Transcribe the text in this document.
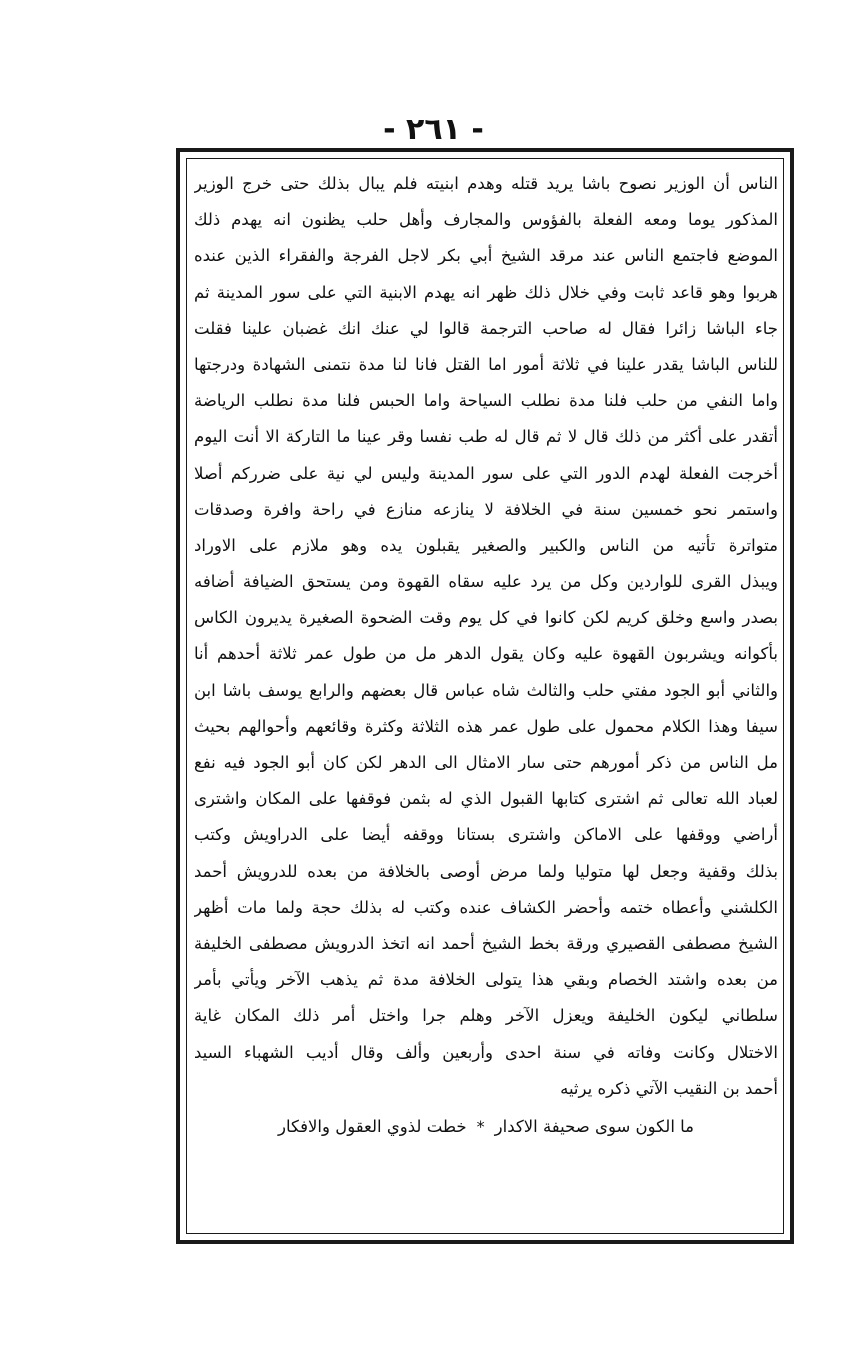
- ٢٦١ -
الناس أن الوزير نصوح باشا يريد قتله وهدم ابنيته فلم يبال بذلك حتى خرج الوزير
المذكور يوما ومعه الفعلة بالفؤوس والمجارف وأهل حلب يظنون انه يهدم ذلك
الموضع فاجتمع الناس عند مرقد الشيخ أبي بكر لاجل الفرجة والفقراء الذين عنده
هربوا وهو قاعد ثابت وفي خلال ذلك ظهر انه يهدم الابنية التي على سور المدينة ثم
جاء الباشا زائرا فقال له صاحب الترجمة قالوا لي عنك انك غضبان علينا فقلت
للناس الباشا يقدر علينا في ثلاثة أمور اما القتل فانا لنا مدة نتمنى الشهادة ودرجتها
واما النفي من حلب فلنا مدة نطلب السياحة واما الحبس فلنا مدة نطلب الرياضة
أتقدر على أكثر من ذلك قال لا ثم قال له طب نفسا وقر عينا ما التاركة الا أنت اليوم
أخرجت الفعلة لهدم الدور التي على سور المدينة وليس لي نية على ضرركم أصلا
واستمر نحو خمسين سنة في الخلافة لا ينازعه منازع في راحة وافرة وصدقات
متواترة تأتيه من الناس والكبير والصغير يقبلون يده وهو ملازم على الاوراد
ويبذل القرى للواردين وكل من يرد عليه سقاه القهوة ومن يستحق الضيافة أضافه
بصدر واسع وخلق كريم لكن كانوا في كل يوم وقت الضحوة الصغيرة يديرون الكاس
بأكوانه ويشربون القهوة عليه وكان يقول الدهر مل من طول عمر ثلاثة أحدهم أنا
والثاني أبو الجود مفتي حلب والثالث شاه عباس قال بعضهم والرابع يوسف باشا ابن
سيفا وهذا الكلام محمول على طول عمر هذه الثلاثة وكثرة وقائعهم وأحوالهم بحيث
مل الناس من ذكر أمورهم حتى سار الامثال الى الدهر لكن كان أبو الجود فيه نفع
لعباد الله تعالى ثم اشترى كتابها القبول الذي له بثمن فوقفها على المكان واشترى
أراضي ووقفها على الاماكن واشترى بستانا ووقفه أيضا على الدراويش وكتب
بذلك وقفية وجعل لها متوليا ولما مرض أوصى بالخلافة من بعده للدرويش أحمد
الكلشني وأعطاه ختمه وأحضر الكشاف عنده وكتب له بذلك حجة ولما مات أظهر
الشيخ مصطفى القصيري ورقة بخط الشيخ أحمد انه اتخذ الدرويش مصطفى الخليفة
من بعده واشتد الخصام وبقي هذا يتولى الخلافة مدة ثم يذهب الآخر ويأتي بأمر
سلطاني ليكون الخليفة ويعزل الآخر وهلم جرا واختل أمر ذلك المكان غاية
الاختلال وكانت وفاته في سنة احدى وأربعين وألف وقال أديب الشهباء السيد
أحمد بن النقيب الآتي ذكره يرثيه
ما الكون سوى صحيفة الاكدار
*
خطت لذوي العقول والافكار
